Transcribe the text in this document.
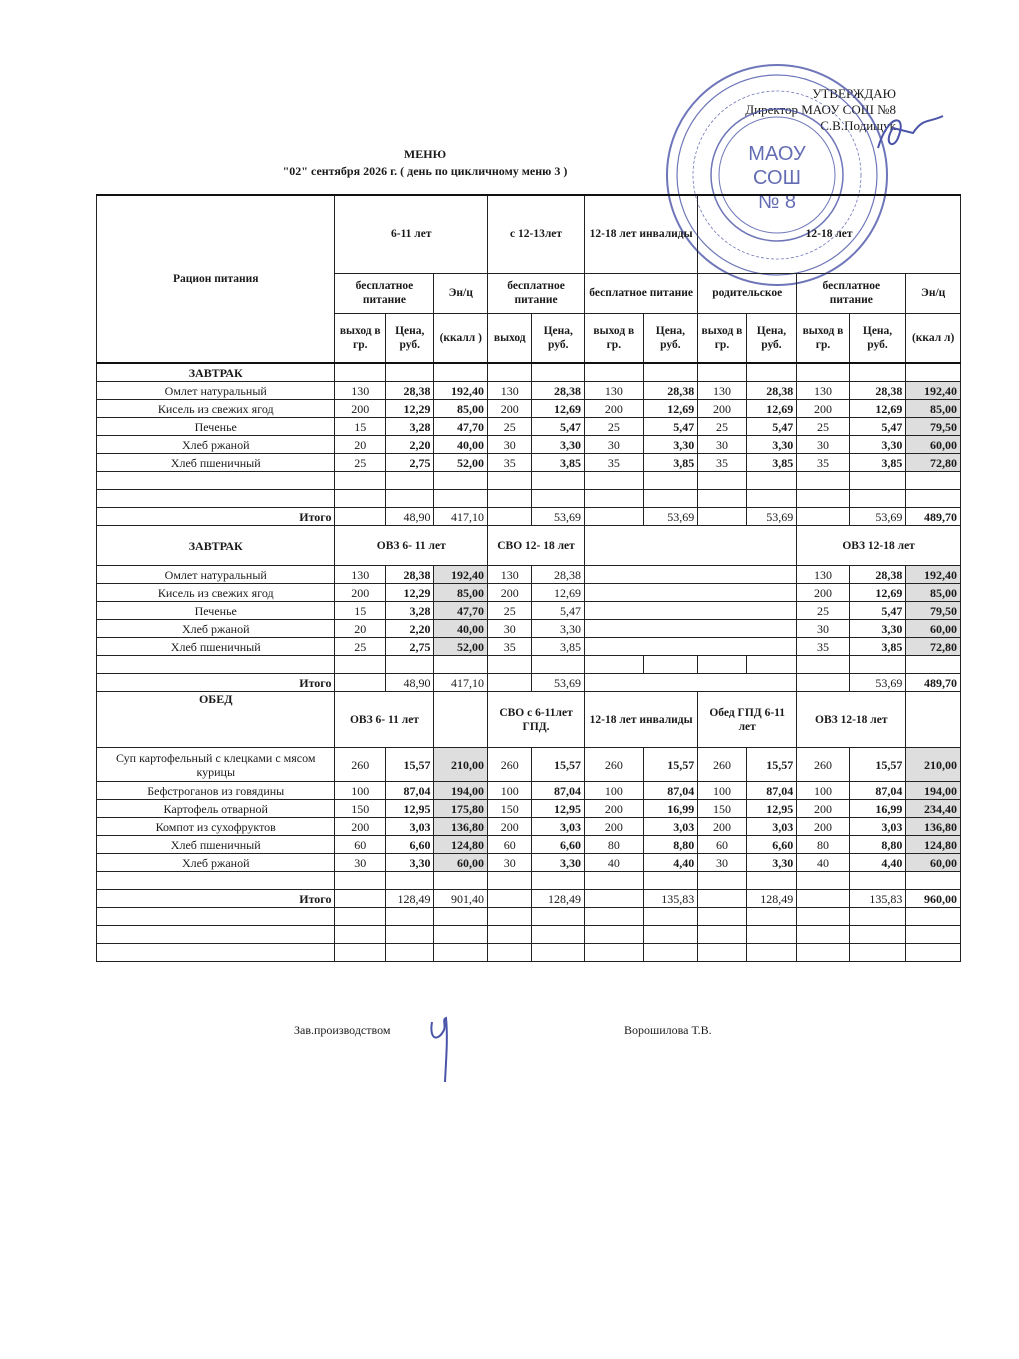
УТВЕРЖДАЮ
Директор МАОУ СОШ №8
С.В.Подищук
МАОУ
СОШ
№ 8
МЕНЮ
"02" сентября 2026 г. ( день по цикличному меню 3 )
Рацион питания	6-11 лет			с 12-13лет		12-18 лет инвалиды		12-18 лет				
	бесплатное питание		Эн/ц	бесплатное питание		бесплатное питание		родительское		бесплатное питание		Эн/ц
	выход в гр.	Цена, руб.	(ккалл )	выход	Цена, руб.	выход в гр.	Цена, руб.	выход в гр.	Цена, руб.	выход в гр.	Цена, руб.	(ккал л)
ЗАВТРАК												
Омлет натуральный	130	28,38	192,40	130	28,38	130	28,38	130	28,38	130	28,38	192,40
Кисель из свежих ягод	200	12,29	85,00	200	12,69	200	12,69	200	12,69	200	12,69	85,00
Печенье	15	3,28	47,70	25	5,47	25	5,47	25	5,47	25	5,47	79,50
Хлеб ржаной	20	2,20	40,00	30	3,30	30	3,30	30	3,30	30	3,30	60,00
Хлеб пшеничный	25	2,75	52,00	35	3,85	35	3,85	35	3,85	35	3,85	72,80

Итого		48,90	417,10		53,69		53,69		53,69		53,69	489,70
ЗАВТРАК	ОВЗ 6- 11 лет			СВО 12- 18 лет						ОВЗ 12-18 лет		
Омлет натуральный	130	28,38	192,40	130	28,38					130	28,38	192,40
Кисель из свежих ягод	200	12,29	85,00	200	12,69					200	12,69	85,00
Печенье	15	3,28	47,70	25	5,47					25	5,47	79,50
Хлеб ржаной	20	2,20	40,00	30	3,30					30	3,30	60,00
Хлеб пшеничный	25	2,75	52,00	35	3,85					35	3,85	72,80

Итого		48,90	417,10		53,69						53,69	489,70
ОБЕД	ОВЗ 6- 11 лет			СВО с 6-11лет ГПД.		12-18 лет инвалиды		Обед ГПД 6-11 лет		ОВЗ 12-18 лет		
Суп картофельный с клецками с мясом курицы	260	15,57	210,00	260	15,57	260	15,57	260	15,57	260	15,57	210,00
Бефстроганов из говядины	100	87,04	194,00	100	87,04	100	87,04	100	87,04	100	87,04	194,00
Картофель отварной	150	12,95	175,80	150	12,95	200	16,99	150	12,95	200	16,99	234,40
Компот из сухофруктов	200	3,03	136,80	200	3,03	200	3,03	200	3,03	200	3,03	136,80
Хлеб пшеничный	60	6,60	124,80	60	6,60	80	8,80	60	6,60	80	8,80	124,80
Хлеб ржаной	30	3,30	60,00	30	3,30	40	4,40	30	3,30	40	4,40	60,00

Итого		128,49	901,40		128,49		135,83		128,49		135,83	960,00

Зав.производством	Ворошилова Т.В.
